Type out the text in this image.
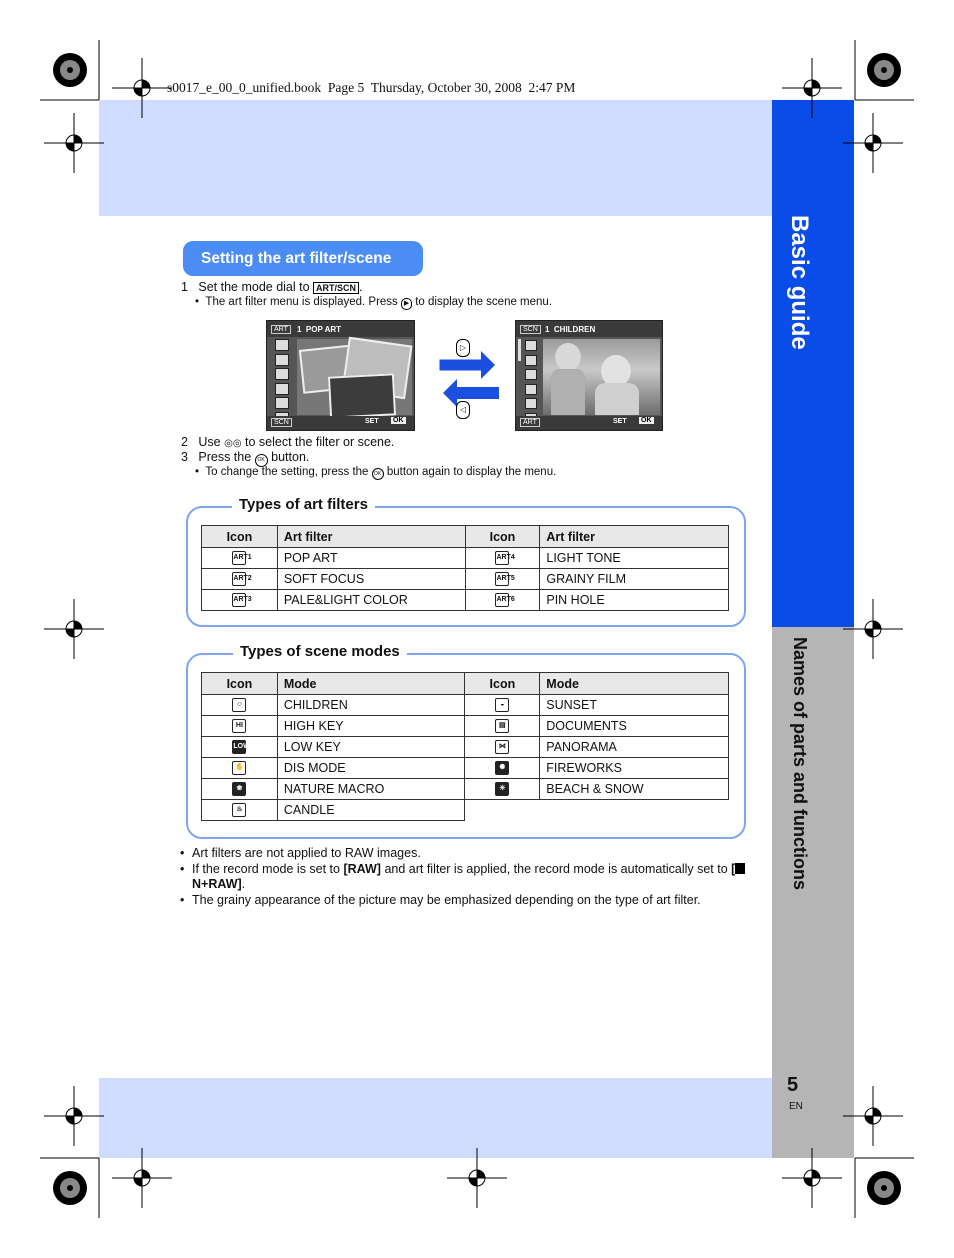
Basic guide
Names of parts and functions
5
EN
s0017_e_00_0_unified.book  Page 5  Thursday, October 30, 2008  2:47 PM
Setting the art filter/scene
1 Set the mode dial to ART/SCN .
•  The art filter menu is displayed. Press ▶ to display the scene menu.
ART	1  POP ART
SCN	SET OK
▷
◁
SCN 1  CHILDREN
ART	SET OK
2 Use ◎◎ to select the filter or scene.
3 Press the OK button.
•  To change the setting, press the OK button again to display the menu.
Types of art filters
Icon	Art filter	Icon	Art filter
ART1	POP ART	ART4	LIGHT TONE
ART2	SOFT FOCUS	ART5	GRAINY FILM
ART3	PALE&LIGHT COLOR	ART6	PIN HOLE
Types of scene modes
Icon	Mode	Icon	Mode
☺	CHILDREN	◒	SUNSET
HI	HIGH KEY	▤	DOCUMENTS
LOW	LOW KEY	⋈	PANORAMA
✋	DIS MODE	✺	FIREWORKS
❀	NATURE MACRO	☀	BEACH & SNOW
♨	CANDLE		
• Art filters are not applied to RAW images.
• If the record mode is set to [RAW] and art filter is applied, the record mode is automatically set to [N+RAW].
• The grainy appearance of the picture may be emphasized depending on the type of art filter.
